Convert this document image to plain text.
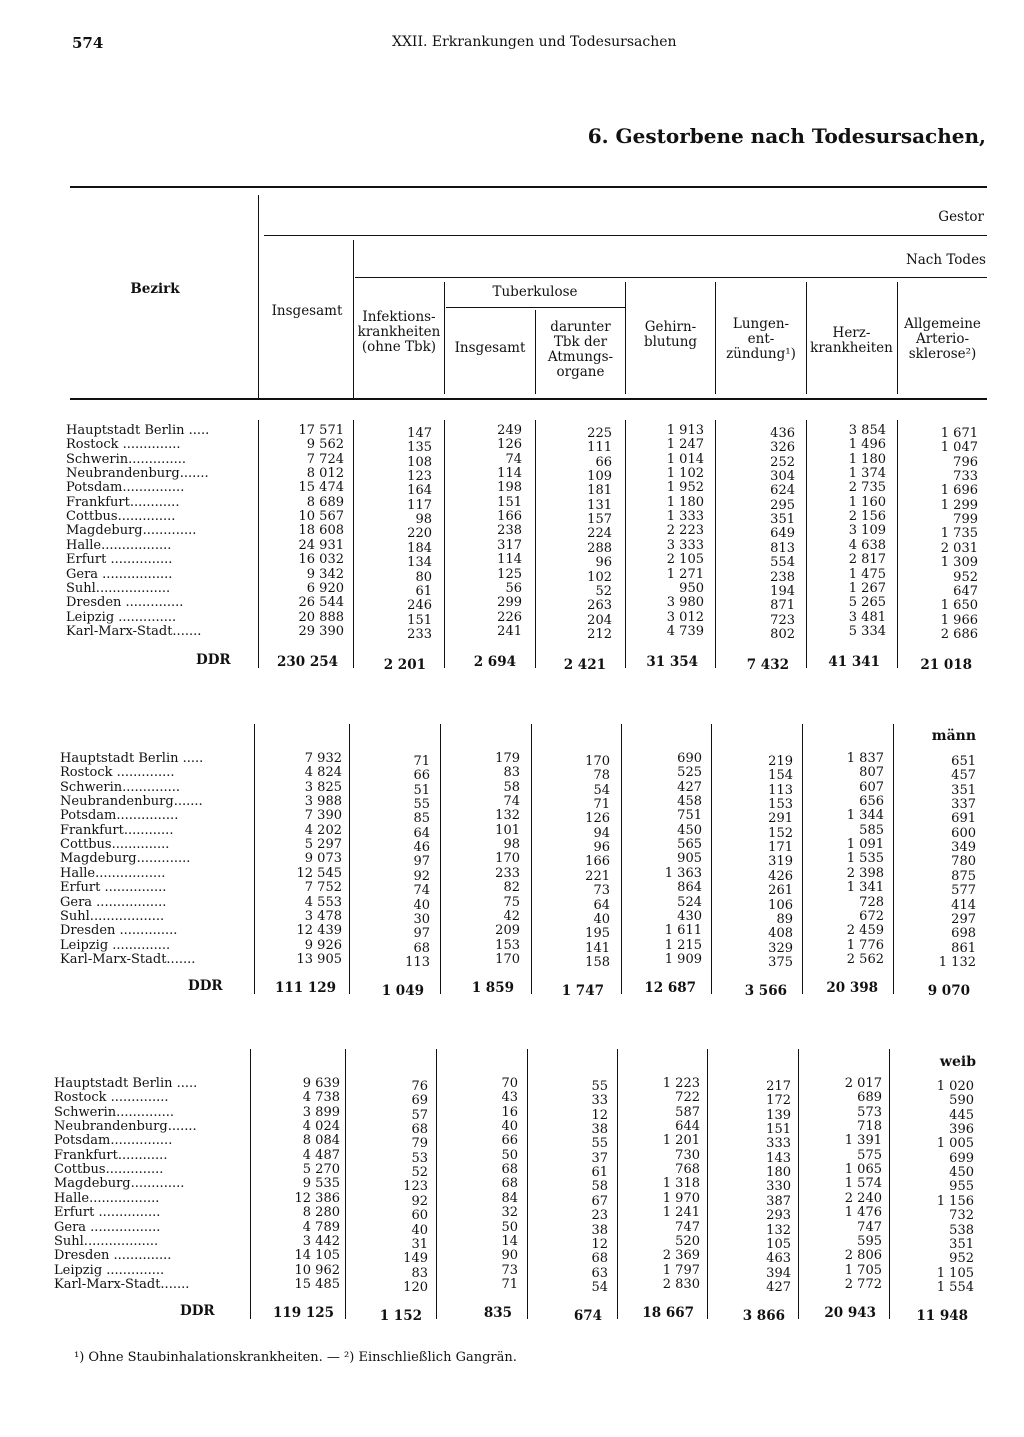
574	XXII. Erkrankungen und Todesursachen
6. Gestorbene nach Todesursachen,
Bezirk
Gestor
Insgesamt
Nach Todes
Infektions-
krankheiten
(ohne Tbk)
Tuberkulose
Insgesamt
darunter
Tbk der
Atmungs-
organe
Gehirn-
blutung
Lungen-
ent-
zündung¹)
Herz-
krankheiten
Allgemeine
Arterio-
sklerose²)
Hauptstadt Berlin .....	17 571	147	249	225	1 913	436	3 854	1 671
Rostock ..............	9 562	135	126	111	1 247	326	1 496	1 047
Schwerin..............	7 724	108	74	66	1 014	252	1 180	796
Neubrandenburg.......	8 012	123	114	109	1 102	304	1 374	733
Potsdam...............	15 474	164	198	181	1 952	624	2 735	1 696
Frankfurt............	8 689	117	151	131	1 180	295	1 160	1 299
Cottbus..............	10 567	98	166	157	1 333	351	2 156	799
Magdeburg.............	18 608	220	238	224	2 223	649	3 109	1 735
Halle.................	24 931	184	317	288	3 333	813	4 638	2 031
Erfurt ...............	16 032	134	114	96	2 105	554	2 817	1 309
Gera .................	9 342	80	125	102	1 271	238	1 475	952
Suhl..................	6 920	61	56	52	950	194	1 267	647
Dresden ..............	26 544	246	299	263	3 980	871	5 265	1 650
Leipzig ..............	20 888	151	226	204	3 012	723	3 481	1 966
Karl-Marx-Stadt.......	29 390	233	241	212	4 739	802	5 334	2 686
DDR	230 254	2 201	2 694	2 421	31 354	7 432	41 341	21 018
männ
Hauptstadt Berlin .....	7 932	71	179	170	690	219	1 837	651
Rostock ..............	4 824	66	83	78	525	154	807	457
Schwerin..............	3 825	51	58	54	427	113	607	351
Neubrandenburg.......	3 988	55	74	71	458	153	656	337
Potsdam...............	7 390	85	132	126	751	291	1 344	691
Frankfurt............	4 202	64	101	94	450	152	585	600
Cottbus..............	5 297	46	98	96	565	171	1 091	349
Magdeburg.............	9 073	97	170	166	905	319	1 535	780
Halle.................	12 545	92	233	221	1 363	426	2 398	875
Erfurt ...............	7 752	74	82	73	864	261	1 341	577
Gera .................	4 553	40	75	64	524	106	728	414
Suhl..................	3 478	30	42	40	430	89	672	297
Dresden ..............	12 439	97	209	195	1 611	408	2 459	698
Leipzig ..............	9 926	68	153	141	1 215	329	1 776	861
Karl-Marx-Stadt.......	13 905	113	170	158	1 909	375	2 562	1 132
DDR	111 129	1 049	1 859	1 747	12 687	3 566	20 398	9 070
weib
Hauptstadt Berlin .....	9 639	76	70	55	1 223	217	2 017	1 020
Rostock ..............	4 738	69	43	33	722	172	689	590
Schwerin..............	3 899	57	16	12	587	139	573	445
Neubrandenburg.......	4 024	68	40	38	644	151	718	396
Potsdam...............	8 084	79	66	55	1 201	333	1 391	1 005
Frankfurt............	4 487	53	50	37	730	143	575	699
Cottbus..............	5 270	52	68	61	768	180	1 065	450
Magdeburg.............	9 535	123	68	58	1 318	330	1 574	955
Halle.................	12 386	92	84	67	1 970	387	2 240	1 156
Erfurt ...............	8 280	60	32	23	1 241	293	1 476	732
Gera .................	4 789	40	50	38	747	132	747	538
Suhl..................	3 442	31	14	12	520	105	595	351
Dresden ..............	14 105	149	90	68	2 369	463	2 806	952
Leipzig ..............	10 962	83	73	63	1 797	394	1 705	1 105
Karl-Marx-Stadt.......	15 485	120	71	54	2 830	427	2 772	1 554
DDR	119 125	1 152	835	674	18 667	3 866	20 943	11 948
¹) Ohne Staubinhalationskrankheiten. — ²) Einschließlich Gangrän.
